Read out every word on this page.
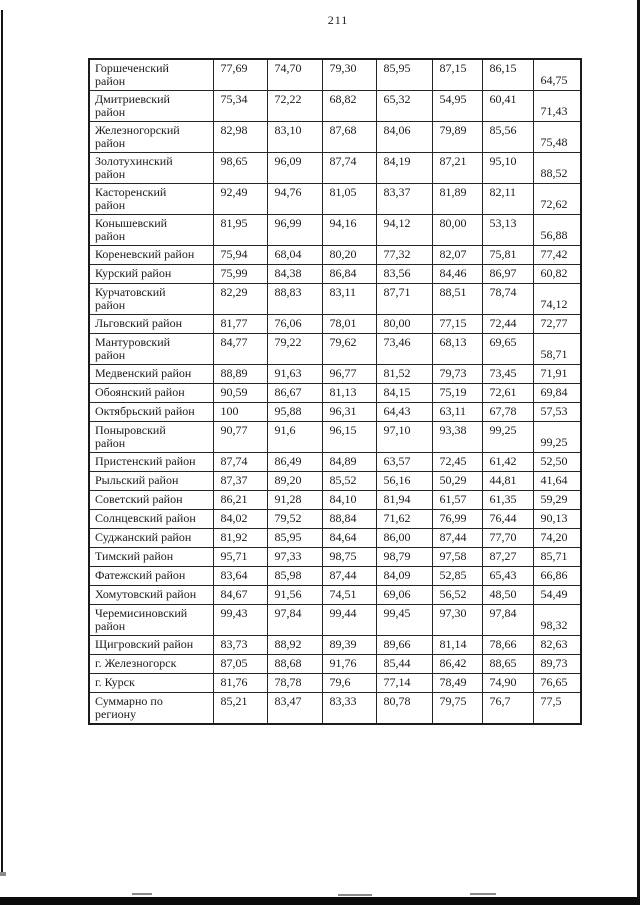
211
Горшеченский
район	77,69	74,70	79,30	85,95	87,15	86,15	64,75
Дмитриевский
район	75,34	72,22	68,82	65,32	54,95	60,41	71,43
Железногорский
район	82,98	83,10	87,68	84,06	79,89	85,56	75,48
Золотухинский
район	98,65	96,09	87,74	84,19	87,21	95,10	88,52
Касторенский
район	92,49	94,76	81,05	83,37	81,89	82,11	72,62
Конышевский
район	81,95	96,99	94,16	94,12	80,00	53,13	56,88
Кореневский район	75,94	68,04	80,20	77,32	82,07	75,81	77,42
Курский район	75,99	84,38	86,84	83,56	84,46	86,97	60,82
Курчатовский
район	82,29	88,83	83,11	87,71	88,51	78,74	74,12
Льговский район	81,77	76,06	78,01	80,00	77,15	72,44	72,77
Мантуровский
район	84,77	79,22	79,62	73,46	68,13	69,65	58,71
Медвенский район	88,89	91,63	96,77	81,52	79,73	73,45	71,91
Обоянский район	90,59	86,67	81,13	84,15	75,19	72,61	69,84
Октябрьский район	100	95,88	96,31	64,43	63,11	67,78	57,53
Поныровский
район	90,77	91,6	96,15	97,10	93,38	99,25	99,25
Пристенский район	87,74	86,49	84,89	63,57	72,45	61,42	52,50
Рыльский район	87,37	89,20	85,52	56,16	50,29	44,81	41,64
Советский район	86,21	91,28	84,10	81,94	61,57	61,35	59,29
Солнцевский район	84,02	79,52	88,84	71,62	76,99	76,44	90,13
Суджанский район	81,92	85,95	84,64	86,00	87,44	77,70	74,20
Тимский район	95,71	97,33	98,75	98,79	97,58	87,27	85,71
Фатежский район	83,64	85,98	87,44	84,09	52,85	65,43	66,86
Хомутовский район	84,67	91,56	74,51	69,06	56,52	48,50	54,49
Черемисиновский
район	99,43	97,84	99,44	99,45	97,30	97,84	98,32
Щигровский район	83,73	88,92	89,39	89,66	81,14	78,66	82,63
г. Железногорск	87,05	88,68	91,76	85,44	86,42	88,65	89,73
г. Курск	81,76	78,78	79,6	77,14	78,49	74,90	76,65
Суммарно по
региону	85,21	83,47	83,33	80,78	79,75	76,7	77,5
